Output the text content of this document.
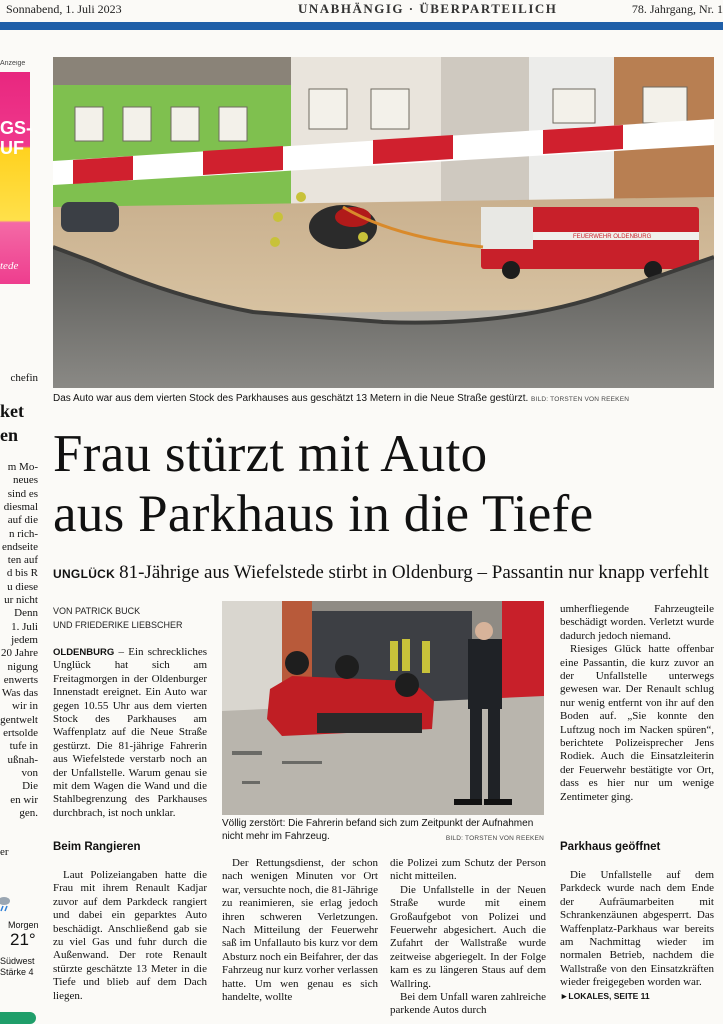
Sonnabend, 1. Juli 2023	UNABHÄNGIG · ÜBERPARTEILICH	78. Jahrgang, Nr. 1
Anzeige
GS-
UF
tede
chefin
ket
en
m Mo-
neues
sind es
diesmal
auf die
n rich-
endseite
ten auf
d bis R
u diese
ur nicht
Denn
1. Juli
jedem
20 Jahre
nigung
enwerts
Was das
wir in
gentwelt
ertsolde
tufe in
ußnah-
von
Die
en wir
gen.
er
Morgen
21°
Südwest
Stärke 4
FEUERWEHR OLDENBURG
Das Auto war aus dem vierten Stock des Parkhauses aus geschätzt 13 Metern in die Neue Straße gestürzt. BILD: TORSTEN VON REEKEN
Frau stürzt mit Auto
aus Parkhaus in die Tiefe
UNGLÜCK 81-Jährige aus Wiefelstede stirbt in Oldenburg – Passantin nur knapp verfehlt
VON PATRICK BUCK
UND FRIEDERIKE LIEBSCHER

OLDENBURG – Ein schreckliches Unglück hat sich am Freitagmorgen in der Oldenburger Innenstadt ereignet. Ein Auto war gegen 10.55 Uhr aus dem vierten Stock des Parkhauses am Waffenplatz auf die Neue Straße gestürzt. Die 81-jährige Fahrerin aus Wiefelstede verstarb noch an der Unfallstelle. Warum genau sie mit dem Wagen die Wand und die Stahlbegrenzung des Parkhauses durchbrach, ist noch unklar.

Beim Rangieren

Laut Polizeiangaben hatte die Frau mit ihrem Renault Kadjar zuvor auf dem Parkdeck rangiert und dabei ein geparktes Auto beschädigt. Anschließend gab sie zu viel Gas und fuhr durch die Außenwand. Der rote Renault stürzte geschätzte 13 Meter in die Tiefe und blieb auf dem Dach liegen.

Völlig zerstört: Die Fahrerin befand sich zum Zeitpunkt der Aufnahmen nicht mehr im Fahrzeug.	BILD: TORSTEN VON REEKEN

Der Rettungsdienst, der schon nach wenigen Minuten vor Ort war, versuchte noch, die 81-Jährige zu reanimieren, sie erlag jedoch ihren schweren Verletzungen. Nach Mitteilung der Feuerwehr saß im Unfallauto bis kurz vor dem Absturz noch ein Beifahrer, der das Fahrzeug nur kurz vorher verlassen hatte. Um wen genau es sich handelte, wollte

die Polizei zum Schutz der Person nicht mitteilen.

Die Unfallstelle in der Neuen Straße wurde mit einem Großaufgebot von Polizei und Feuerwehr abgesichert. Auch die Zufahrt der Wallstraße wurde zeitweise abgeriegelt. In der Folge kam es zu längeren Staus auf dem Wallring.

Bei dem Unfall waren zahlreiche parkende Autos durch

umherfliegende Fahrzeugteile beschädigt worden. Verletzt wurde dadurch jedoch niemand.

Riesiges Glück hatte offenbar eine Passantin, die kurz zuvor an der Unfallstelle unterwegs gewesen war. Der Renault schlug nur wenig entfernt von ihr auf den Boden auf. „Sie konnte den Luftzug noch im Nacken spüren“, berichtete Polizeisprecher Jens Rodiek. Auch die Einsatzleiterin der Feuerwehr bestätigte vor Ort, dass es hier nur um wenige Zentimeter ging.

Parkhaus geöffnet

Die Unfallstelle auf dem Parkdeck wurde nach dem Ende der Aufräumarbeiten mit Schrankenzäunen abgesperrt. Das Waffenplatz-Parkhaus war bereits am Nachmittag wieder im normalen Betrieb, nachdem die Wallstraße von den Einsatzkräften wieder freigegeben worden war.

►LOKALES, SEITE 11
